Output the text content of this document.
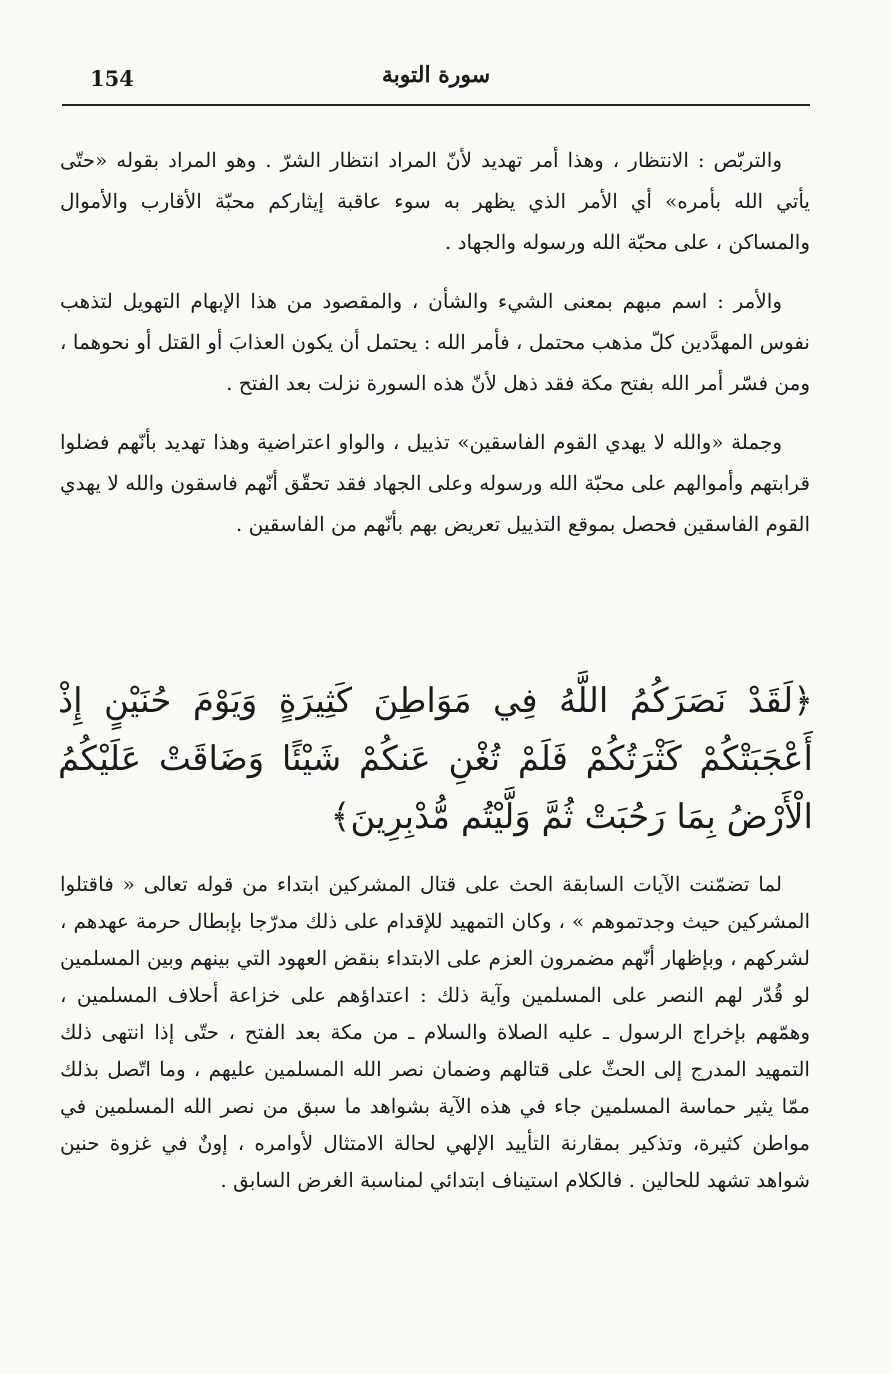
154	سورة التوبة

والتربّص : الانتظار ، وهذا أمر تهديد لأنّ المراد انتظار الشرّ . وهو المراد بقوله «حتّى يأتي الله بأمره» أي الأمر الذي يظهر به سوء عاقبة إيثاركم محبّة الأقارب والأموال والمساكن ، على محبّة الله ورسوله والجهاد .

والأمر : اسم مبهم بمعنى الشيء والشأن ، والمقصود من هذا الإبهام التهويل لتذهب نفوس المهدَّدين كلّ مذهب محتمل ، فأمر الله : يحتمل أن يكون العذابَ أو القتل أو نحوهما ، ومن فسّر أمر الله بفتح مكة فقد ذهل لأنّ هذه السورة نزلت بعد الفتح .

وجملة «والله لا يهدي القوم الفاسقين» تذييل ، والواو اعتراضية وهذا تهديد بأنّهم فضلوا قرابتهم وأموالهم على محبّة الله ورسوله وعلى الجهاد فقد تحقّق أنّهم فاسقون والله لا يهدي القوم الفاسقين فحصل بموقع التذييل تعريض بهم بأنّهم من الفاسقين .

﴿لَقَدْ نَصَرَكُمُ اللَّهُ فِي مَوَاطِنَ كَثِيرَةٍ وَيَوْمَ حُنَيْنٍ إِذْ أَعْجَبَتْكُمْ كَثْرَتُكُمْ فَلَمْ تُغْنِ عَنكُمْ شَيْئًا وَضَاقَتْ عَلَيْكُمُ الْأَرْضُ بِمَا رَحُبَتْ ثُمَّ وَلَّيْتُم مُّدْبِرِينَ﴾

لما تضمّنت الآيات السابقة الحث على قتال المشركين ابتداء من قوله تعالى « فاقتلوا المشركين حيث وجدتموهم » ، وكان التمهيد للإقدام على ذلك مدرّجا بإبطال حرمة عهدهم ، لشركهم ، وبإظهار أنّهم مضمرون العزم على الابتداء بنقض العهود التي بينهم وبين المسلمين لو قُدّر لهم النصر على المسلمين وآية ذلك : اعتداؤهم على خزاعة أحلاف المسلمين ، وهمّهم بإخراج الرسول ـ عليه الصلاة والسلام ـ من مكة بعد الفتح ، حتّى إذا انتهى ذلك التمهيد المدرج إلى الحثّ على قتالهم وضمان نصر الله المسلمين عليهم ، وما اتّصل بذلك ممّا يثير حماسة المسلمين جاء في هذه الآية بشواهد ما سبق من نصر الله المسلمين في مواطن كثيرة، وتذكير بمقارنة التأييد الإلهي لحالة الامتثال لأوامره ، إونٌ في غزوة حنين شواهد تشهد للحالين . فالكلام استيناف ابتدائي لمناسبة الغرض السابق .
